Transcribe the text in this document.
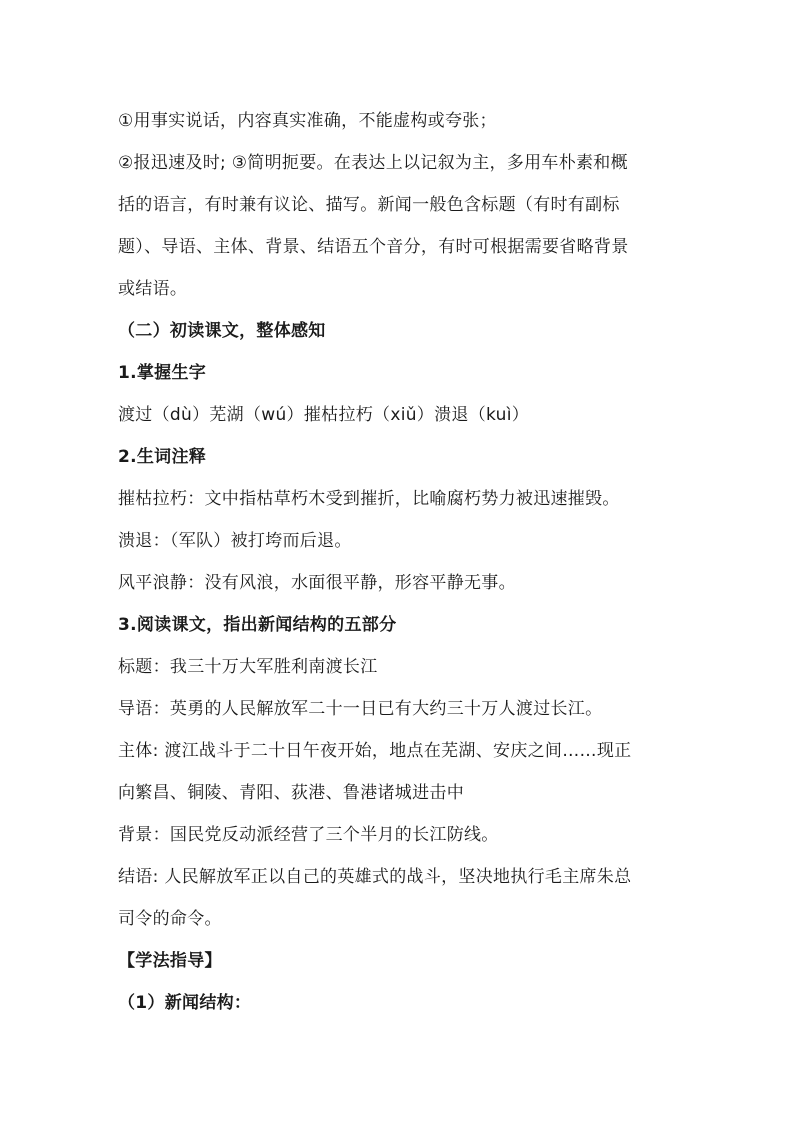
①用事实说话，内容真实准确，不能虚构或夸张；
②报迅速及时; ③简明扼要。在表达上以记叙为主，多用车朴素和概
括的语言，有时兼有议论、描写。新闻一般色含标题（有时有副标
题）、导语、主体、背景、结语五个音分，有时可根据需要省略背景
或结语。
（二）初读课文，整体感知
1.掌握生字
渡过（dù）芜湖（wú）摧枯拉朽（xiǔ）溃退（kuì）
2.生词注释
摧枯拉朽：文中指枯草朽木受到摧折，比喻腐朽势力被迅速摧毁。
溃退：（军队）被打垮而后退。
风平浪静：没有风浪，水面很平静，形容平静无事。
3.阅读课文，指出新闻结构的五部分
标题：我三十万大军胜利南渡长江
导语：英勇的人民解放军二十一日已有大约三十万人渡过长江。
主体: 渡江战斗于二十日午夜开始，地点在芜湖、安庆之间……现正
向繁昌、铜陵、青阳、荻港、鲁港诸城进击中
背景：国民党反动派经营了三个半月的长江防线。
结语: 人民解放军正以自己的英雄式的战斗，坚决地执行毛主席朱总
司令的命令。
【学法指导】
（1）新闻结构：
